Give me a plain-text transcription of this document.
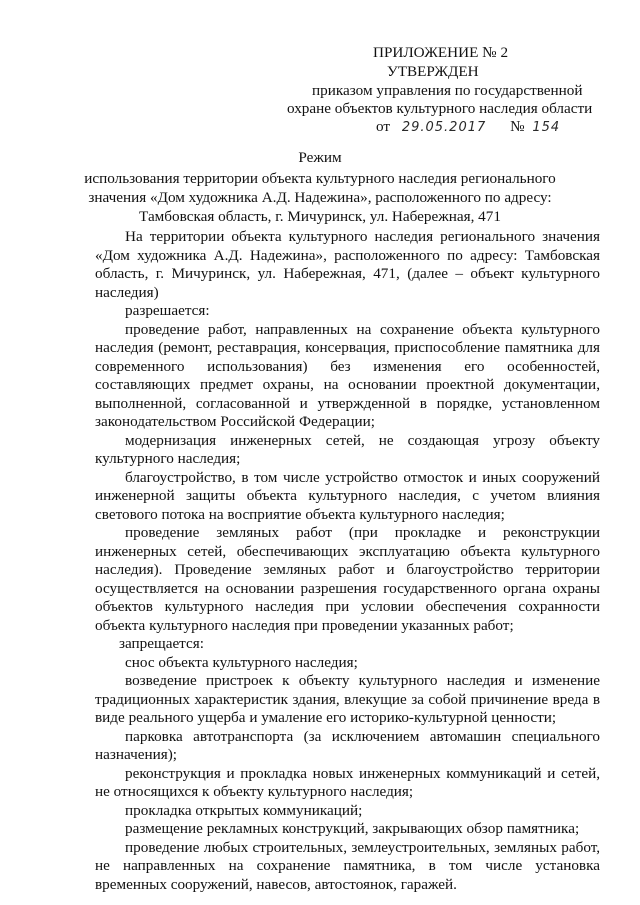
ПРИЛОЖЕНИЕ № 2
УТВЕРЖДЕН
приказом управления по государственной
охране объектов культурного наследия области
от 29.05.2017 № 154
Режим
использования территории объекта культурного наследия регионального
значения «Дом художника А.Д. Надежина», расположенного по адресу:
Тамбовская область, г. Мичуринск, ул. Набережная, 471

На территории объекта культурного наследия регионального значения «Дом художника А.Д. Надежина», расположенного по адресу: Тамбовская область, г. Мичуринск, ул. Набережная, 471, (далее – объект культурного наследия)

разрешается:

проведение работ, направленных на сохранение объекта культурного наследия (ремонт, реставрация, консервация, приспособление памятника для современного использования) без изменения его особенностей, составляющих предмет охраны, на основании проектной документации, выполненной, согласованной и утвержденной в порядке, установленном законодательством Российской Федерации;

модернизация инженерных сетей, не создающая угрозу объекту культурного наследия;

благоустройство, в том числе устройство отмосток и иных сооружений инженерной защиты объекта культурного наследия, с учетом влияния светового потока на восприятие объекта культурного наследия;

проведение земляных работ (при прокладке и реконструкции инженерных сетей, обеспечивающих эксплуатацию объекта культурного наследия). Проведение земляных работ и благоустройство территории осуществляется на основании разрешения государственного органа охраны объектов культурного наследия при условии обеспечения сохранности объекта культурного наследия при проведении указанных работ;

запрещается:

снос объекта культурного наследия;

возведение пристроек к объекту культурного наследия и изменение традиционных характеристик здания, влекущие за собой причинение вреда в виде реального ущерба и умаление его историко-культурной ценности;

парковка автотранспорта (за исключением автомашин специального назначения);

реконструкция и прокладка новых инженерных коммуникаций и сетей, не относящихся к объекту культурного наследия;

прокладка открытых коммуникаций;

размещение рекламных конструкций, закрывающих обзор памятника;

проведение любых строительных, землеустроительных, земляных работ, не направленных на сохранение памятника, в том числе установка временных сооружений, навесов, автостоянок, гаражей.
